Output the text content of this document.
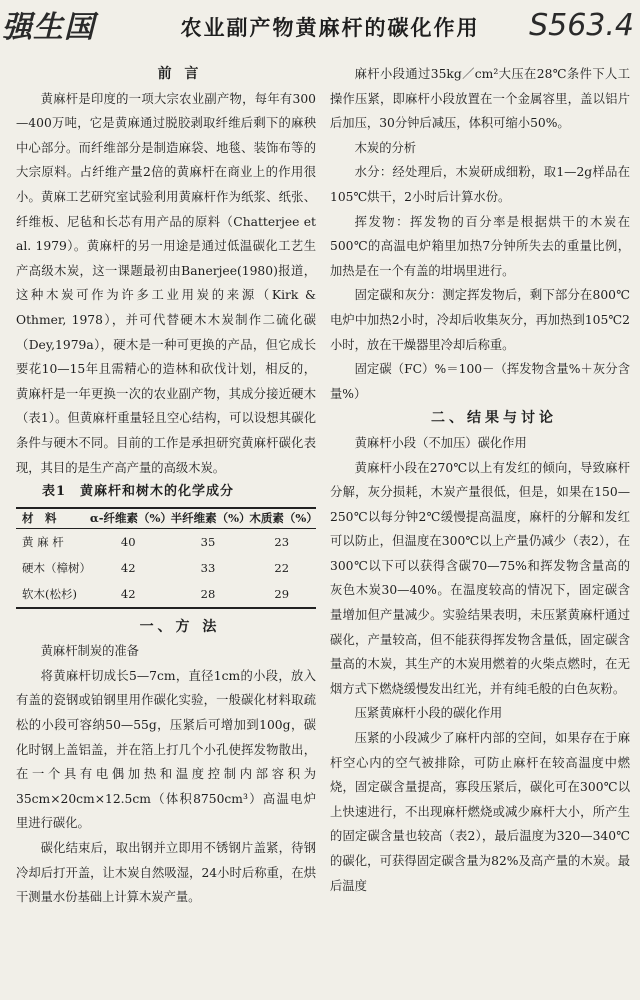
强生国	S563.4
农业副产物黄麻杆的碳化作用

前 言

黄麻杆是印度的一项大宗农业副产物，每年有300—400万吨，它是黄麻通过脱胶剥取纤维后剩下的麻秧中心部分。而纤维部分是制造麻袋、地毯、装饰布等的大宗原料。占纤维产量2倍的黄麻杆在商业上的作用很小。黄麻工艺研究室试验利用黄麻杆作为纸浆、纸张、纤维板、尼毡和长芯有用产品的原料（Chatterjee et al. 1979）。黄麻杆的另一用途是通过低温碳化工艺生产高级木炭，这一课题最初由Banerjee(1980)报道，这种木炭可作为许多工业用炭的来源（Kirk & Othmer, 1978），并可代替硬木木炭制作二硫化碳（Dey,1979a），硬木是一种可更换的产品，但它成长要花10—15年且需精心的造林和砍伐计划，相反的，黄麻杆是一年更换一次的农业副产物，其成分接近硬木（表1）。但黄麻杆重量轻且空心结构，可以设想其碳化条件与硬木不同。目前的工作是承担研究黄麻杆碳化表现，其目的是生产高产量的高级木炭。

表1　黄麻杆和树木的化学成分

材　料	α-纤维素（%）	半纤维素（%）	木质素（%）
黄 麻 杆	40	35	23
硬木（樟树）	42	33	22
软木(松杉)	42	28	29

一、方 法

黄麻杆制炭的准备

将黄麻杆切成长5—7cm，直径1cm的小段，放入有盖的瓷钢或铂钢里用作碳化实验，一般碳化材料取疏松的小段可容纳50—55g，压紧后可增加到100g，碳化时钢上盖铝盖，并在箔上打几个小孔使挥发物散出，在一个具有电偶加热和温度控制内部容积为35cm×20cm×12.5cm（体积8750cm³）高温电炉里进行碳化。

碳化结束后，取出钢并立即用不锈钢片盖紧，待钢冷却后打开盖，让木炭自然吸湿，24小时后称重，在烘干测量水份基础上计算木炭产量。

麻杆小段通过35kg／cm²大压在28℃条件下人工操作压紧，即麻杆小段放置在一个金属容里，盖以铝片后加压，30分钟后减压，体积可缩小50%。

木炭的分析

水分：经处理后，木炭研成细粉，取1—2g样品在105℃烘干，2小时后计算水份。

挥发物：挥发物的百分率是根据烘干的木炭在500℃的高温电炉箱里加热7分钟所失去的重量比例，加热是在一个有盖的坩埚里进行。

固定碳和灰分：测定挥发物后，剩下部分在800℃电炉中加热2小时，冷却后收集灰分，再加热到105℃2小时，放在干燥器里冷却后称重。

固定碳（FC）%＝100－（挥发物含量%＋灰分含量%）

二、结果与讨论

黄麻杆小段（不加压）碳化作用

黄麻杆小段在270℃以上有发红的倾向，导致麻杆分解，灰分损耗，木炭产量很低，但是，如果在150—250℃以每分钟2℃缓慢提高温度，麻杆的分解和发红可以防止，但温度在300℃以上产量仍减少（表2），在300℃以下可以获得含碳70—75%和挥发物含量高的灰色木炭30—40%。在温度较高的情况下，固定碳含量增加但产量减少。实验结果表明，未压紧黄麻杆通过碳化，产量较高，但不能获得挥发物含量低，固定碳含量高的木炭，其生产的木炭用燃着的火柴点燃时，在无烟方式下燃烧缓慢发出红光，并有纯毛般的白色灰粉。

压紧黄麻杆小段的碳化作用

压紧的小段减少了麻杆内部的空间，如果存在于麻杆空心内的空气被排除，可防止麻杆在较高温度中燃烧，固定碳含量提高，寡段压紧后，碳化可在300℃以上快速进行，不出现麻杆燃烧或减少麻杆大小，所产生的固定碳含量也较高（表2），最后温度为320—340℃的碳化，可获得固定碳含量为82%及高产量的木炭。最后温度
